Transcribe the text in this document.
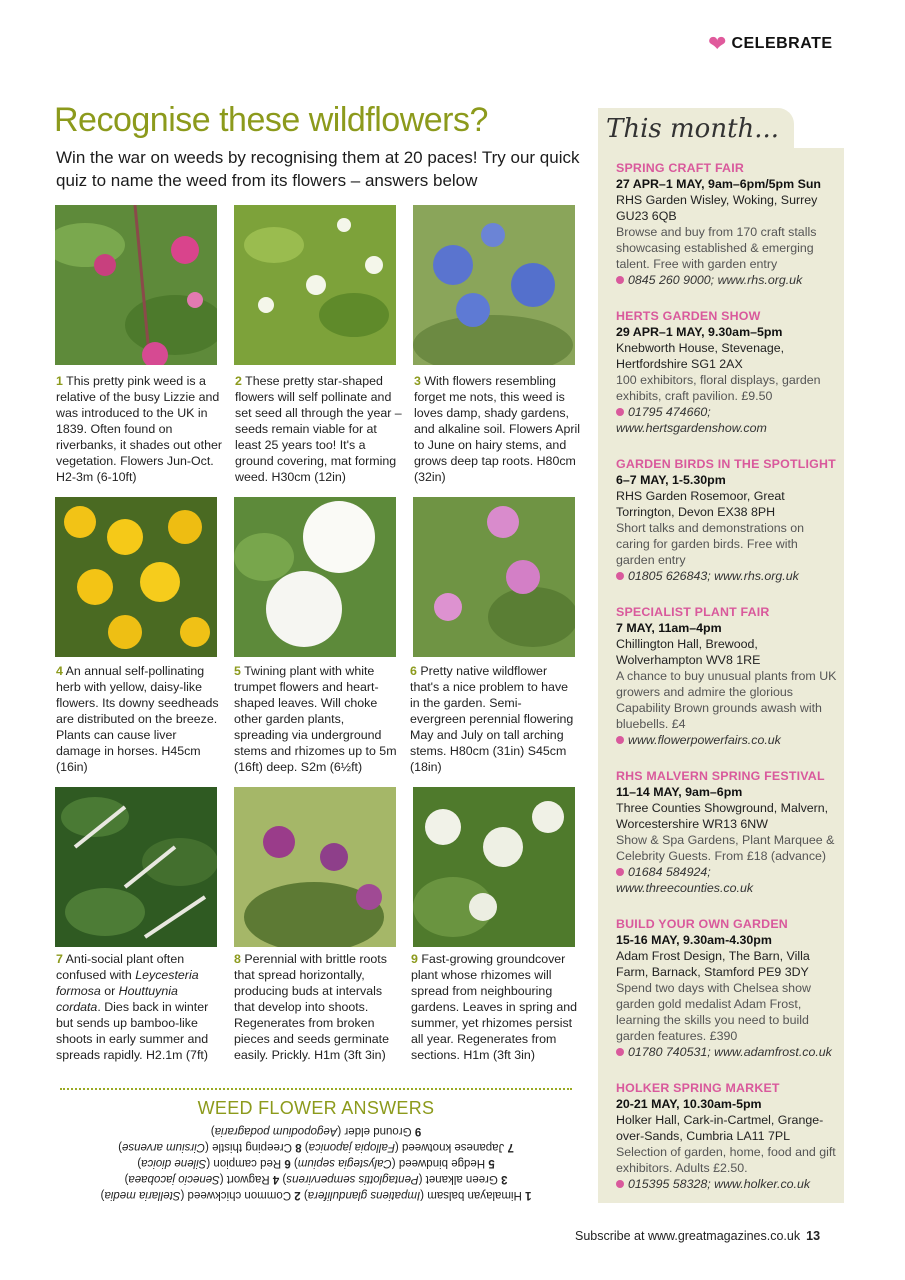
❤ CELEBRATE
Recognise these wildflowers?
Win the war on weeds by recognising them at 20 paces! Try our quick quiz to name the weed from its flowers – answers below
1 This pretty pink weed is a relative of the busy Lizzie and was introduced to the UK in 1839. Often found on riverbanks, it shades out other vegetation. Flowers Jun-Oct. H2-3m (6-10ft)
2 These pretty star-shaped flowers will self pollinate and set seed all through the year – seeds remain viable for at least 25 years too! It's a ground covering, mat forming weed. H30cm (12in)
3 With flowers resembling forget me nots, this weed is loves damp, shady gardens, and alkaline soil. Flowers April to June on hairy stems, and grows deep tap roots. H80cm (32in)
4 An annual self-pollinating herb with yellow, daisy-like flowers. Its downy seedheads are distributed on the breeze. Plants can cause liver damage in horses. H45cm (16in)
5 Twining plant with white trumpet flowers and heart-shaped leaves. Will choke other garden plants, spreading via underground stems and rhizomes up to 5m (16ft) deep. S2m (6½ft)
6 Pretty native wildflower that's a nice problem to have in the garden. Semi-evergreen perennial flowering May and July on tall arching stems. H80cm (31in) S45cm (18in)
7 Anti-social plant often confused with Leycesteria formosa or Houttuynia cordata. Dies back in winter but sends up bamboo-like shoots in early summer and spreads rapidly. H2.1m (7ft)
8 Perennial with brittle roots that spread horizontally, producing buds at intervals that develop into shoots. Regenerates from broken pieces and seeds germinate easily. Prickly. H1m (3ft 3in)
9 Fast-growing groundcover plant whose rhizomes will spread from neighbouring gardens. Leaves in spring and summer, yet rhizomes persist all year. Regenerates from sections. H1m (3ft 3in)
WEED FLOWER ANSWERS
1 Himalayan balsam (Impatiens glandulifera) 2 Common chickweed (Stellaria media)
3 Green alkanet (Pentaglottis sempervirens) 4 Ragwort (Senecio jacobaea)
5 Hedge bindweed (Calystegia sepium) 6 Red campion (Silene dioica)
7 Japanese knotweed (Fallopia japonica) 8 Creeping thistle (Cirsium arvense)
9 Ground elder (Aegopodium podagraria)
This month...
SPRING CRAFT FAIR
27 APR–1 MAY, 9am–6pm/5pm Sun
RHS Garden Wisley, Woking, Surrey GU23 6QB
Browse and buy from 170 craft stalls showcasing established & emerging talent. Free with garden entry
0845 260 9000; www.rhs.org.uk
HERTS GARDEN SHOW
29 APR–1 MAY, 9.30am–5pm
Knebworth House, Stevenage, Hertfordshire SG1 2AX
100 exhibitors, floral displays, garden exhibits, craft pavilion. £9.50
01795 474660; www.hertsgardenshow.com
GARDEN BIRDS IN THE SPOTLIGHT
6–7 MAY, 1-5.30pm
RHS Garden Rosemoor, Great Torrington, Devon EX38 8PH
Short talks and demonstrations on caring for garden birds. Free with garden entry
01805 626843; www.rhs.org.uk
SPECIALIST PLANT FAIR
7 MAY, 11am–4pm
Chillington Hall, Brewood, Wolverhampton WV8 1RE
A chance to buy unusual plants from UK growers and admire the glorious Capability Brown grounds awash with bluebells. £4
www.flowerpowerfairs.co.uk
RHS MALVERN SPRING FESTIVAL
11–14 MAY, 9am–6pm
Three Counties Showground, Malvern, Worcestershire WR13 6NW
Show & Spa Gardens, Plant Marquee & Celebrity Guests. From £18 (advance)
01684 584924; www.threecounties.co.uk
BUILD YOUR OWN GARDEN
15-16 MAY, 9.30am-4.30pm
Adam Frost Design, The Barn, Villa Farm, Barnack, Stamford PE9 3DY
Spend two days with Chelsea show garden gold medalist Adam Frost, learning the skills you need to build garden features. £390
01780 740531; www.adamfrost.co.uk
HOLKER SPRING MARKET
20-21 MAY, 10.30am-5pm
Holker Hall, Cark-in-Cartmel, Grange-over-Sands, Cumbria LA11 7PL
Selection of garden, home, food and gift exhibitors. Adults £2.50.
015395 58328; www.holker.co.uk
Subscribe at www.greatmagazines.co.uk 13
